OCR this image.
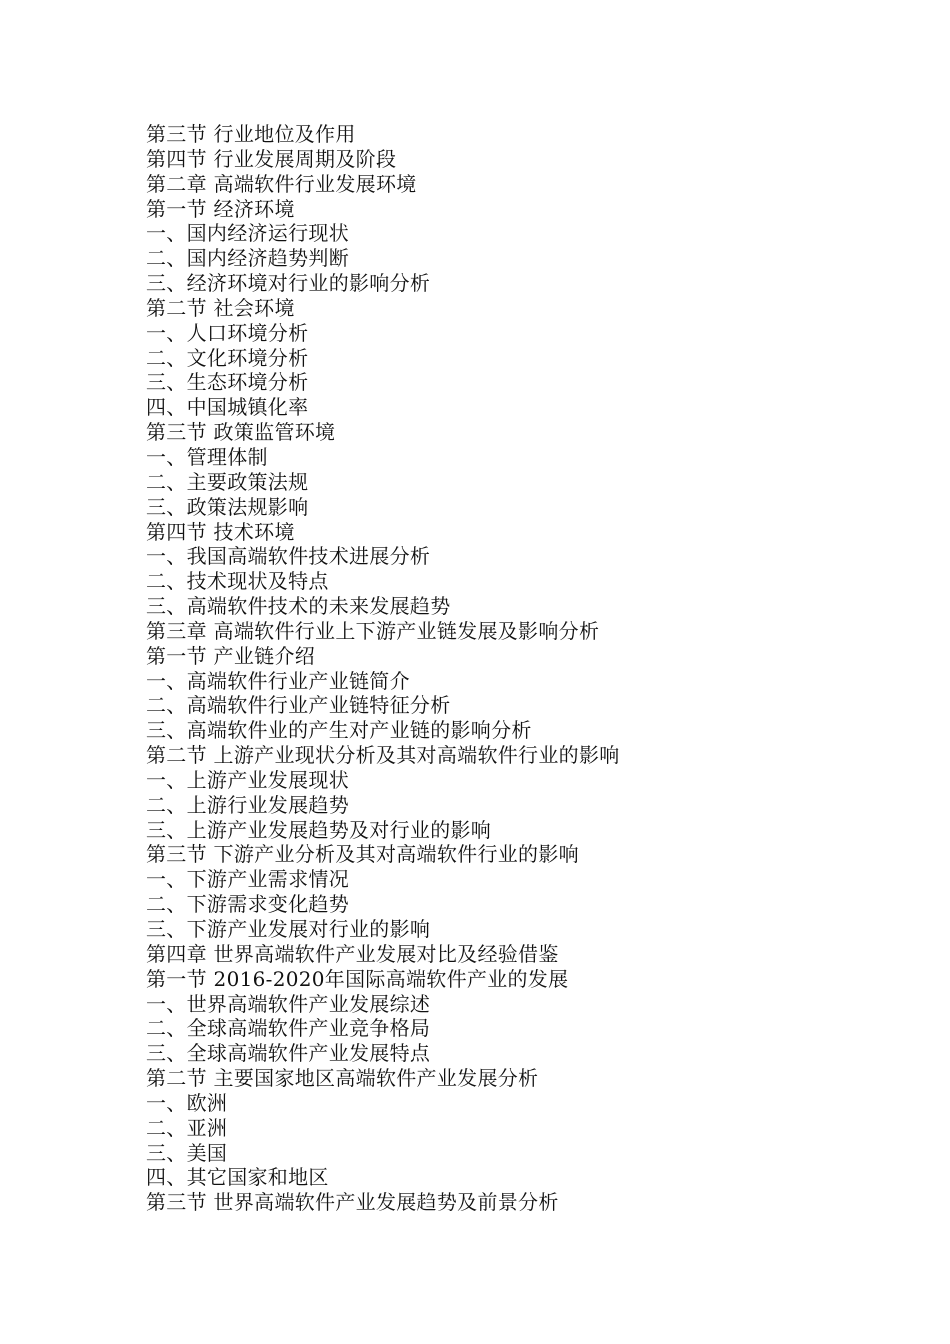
第三节 行业地位及作用
第四节 行业发展周期及阶段
第二章 高端软件行业发展环境
第一节 经济环境
一、国内经济运行现状
二、国内经济趋势判断
三、经济环境对行业的影响分析
第二节 社会环境
一、人口环境分析
二、文化环境分析
三、生态环境分析
四、中国城镇化率
第三节 政策监管环境
一、管理体制
二、主要政策法规
三、政策法规影响
第四节 技术环境
一、我国高端软件技术进展分析
二、技术现状及特点
三、高端软件技术的未来发展趋势
第三章 高端软件行业上下游产业链发展及影响分析
第一节 产业链介绍
一、高端软件行业产业链简介
二、高端软件行业产业链特征分析
三、高端软件业的产生对产业链的影响分析
第二节 上游产业现状分析及其对高端软件行业的影响
一、上游产业发展现状
二、上游行业发展趋势
三、上游产业发展趋势及对行业的影响
第三节 下游产业分析及其对高端软件行业的影响
一、下游产业需求情况
二、下游需求变化趋势
三、下游产业发展对行业的影响
第四章 世界高端软件产业发展对比及经验借鉴
第一节 2016-2020年国际高端软件产业的发展
一、世界高端软件产业发展综述
二、全球高端软件产业竞争格局
三、全球高端软件产业发展特点
第二节 主要国家地区高端软件产业发展分析
一、欧洲
二、亚洲
三、美国
四、其它国家和地区
第三节 世界高端软件产业发展趋势及前景分析
